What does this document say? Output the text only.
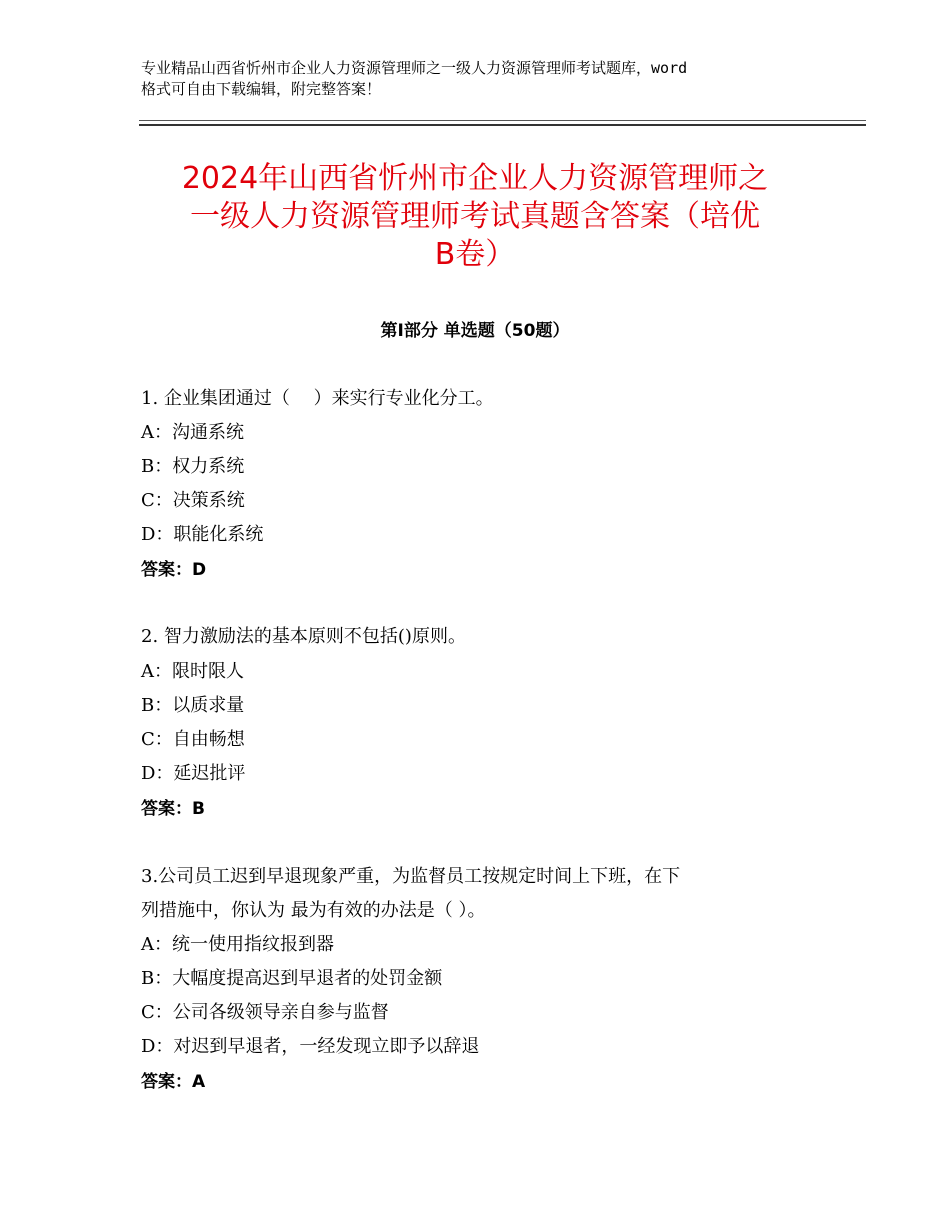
专业精品山西省忻州市企业人力资源管理师之一级人力资源管理师考试题库，word
格式可自由下载编辑，附完整答案！
2024年山西省忻州市企业人力资源管理师之
一级人力资源管理师考试真题含答案（培优
B卷）
第Ⅰ部分 单选题（50题）
1. 企业集团通过（　 ）来实行专业化分工。
A：沟通系统
B：权力系统
C：决策系统
D：职能化系统
答案：D
2. 智力激励法的基本原则不包括()原则。
A：限时限人
B：以质求量
C：自由畅想
D：延迟批评
答案：B
3.公司员工迟到早退现象严重，为监督员工按规定时间上下班，在下
列措施中，你认为 最为有效的办法是（ ）。
A：统一使用指纹报到器
B：大幅度提高迟到早退者的处罚金额
C：公司各级领导亲自参与监督
D：对迟到早退者，一经发现立即予以辞退
答案：A
